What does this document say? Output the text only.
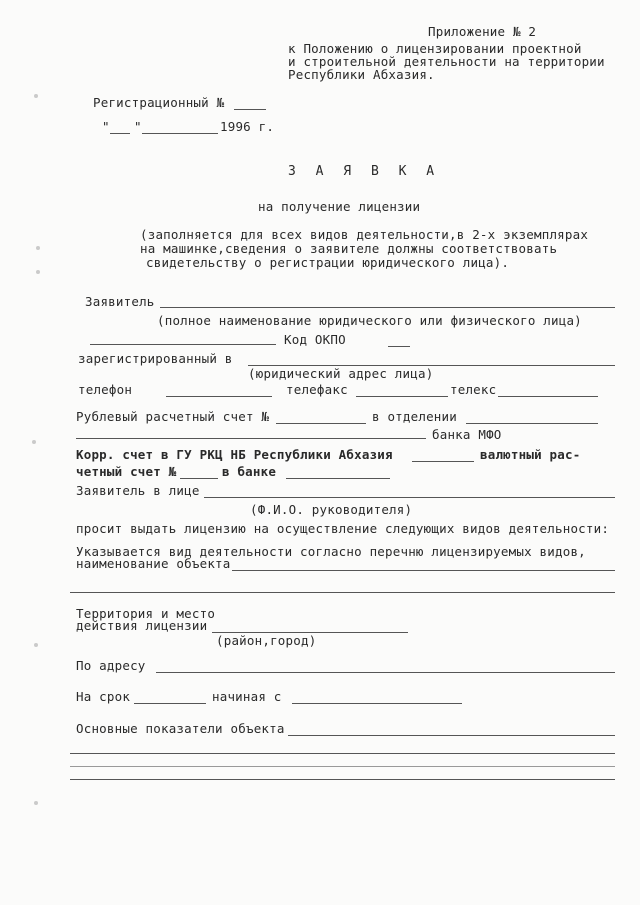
Приложение № 2
к Положению о лицензировании проектной
и строительной деятельности на территории
Республики Абхазия.
Регистрационный №
" "	1996 г.
З А Я В К А
на получение лицензии
(заполняется для всех видов деятельности,в 2-х экземплярах
на машинке,сведения о заявителе должны соответствовать
свидетельству о регистрации юридического лица).
Заявитель
(полное наименование юридического или физического лица)
Код ОКПО
зарегистрированный в
(юридический адрес лица)
телефон	телефакс	телекс
Рублевый расчетный счет №	в отделении
банка МФО
Корр. счет в ГУ РКЦ НБ Республики Абхазия	валютный рас-
четный счет №	в банке
Заявитель в лице
(Ф.И.О. руководителя)
просит выдать лицензию на осуществление следующих видов деятельности:
Указывается вид деятельности согласно перечню лицензируемых видов,
наименование объекта
Территория и место
действия лицензии
(район,город)
По адресу
На срок	начиная с
Основные показатели объекта
